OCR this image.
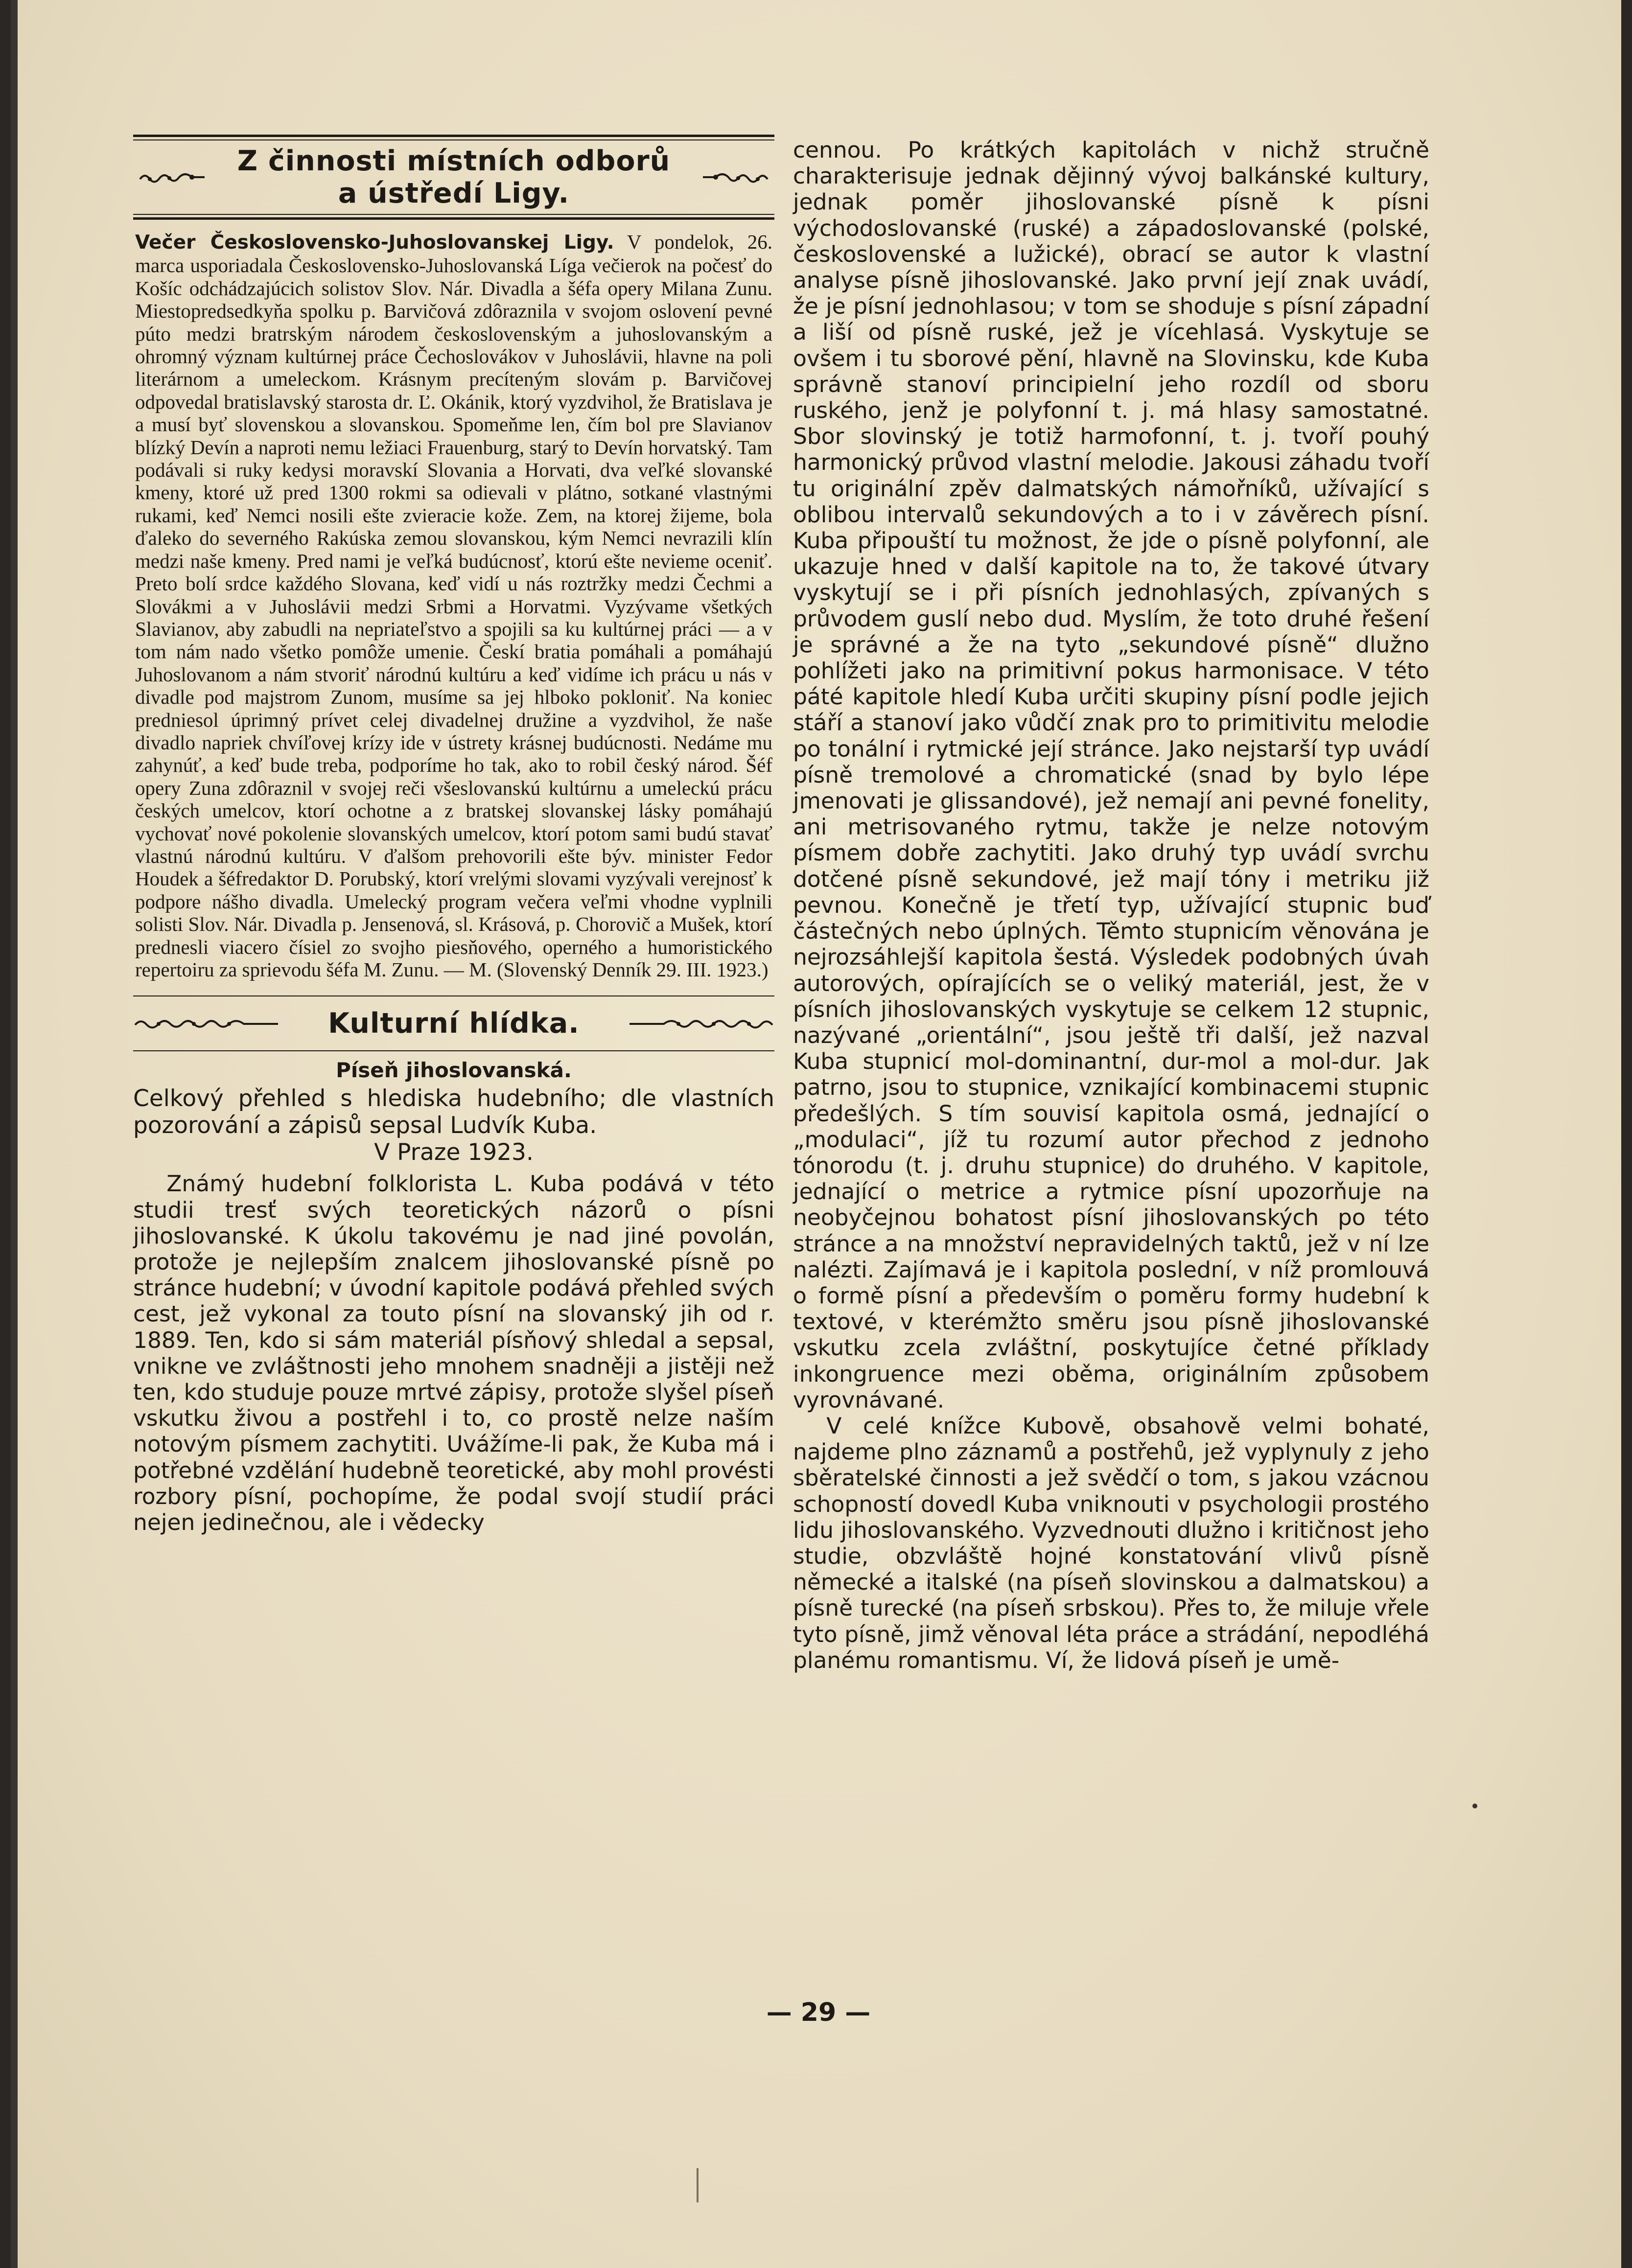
Z činnosti místních odborů
a ústředí Ligy.

Večer Československo-Juhoslovanskej Ligy. V pondelok, 26. marca usporiadala Československo-Juhoslovanská Líga večierok na počesť do Košíc odchádzajúcich solistov Slov. Nár. Divadla a šéfa opery Milana Zunu. Miestopredsedkyňa spolku p. Barvičová zdôraznila v svojom oslovení pevné púto medzi bratrským národem československým a juhoslovanským a ohromný význam kultúrnej práce Čechoslovákov v Juhoslávii, hlavne na poli literárnom a umeleckom. Krásnym precíteným slovám p. Barvičovej odpovedal bratislavský starosta dr. Ľ. Okánik, ktorý vyzdvihol, že Bratislava je a musí byť slovenskou a slovanskou. Spomeňme len, čím bol pre Slavianov blízký Devín a naproti nemu ležiaci Frauenburg, starý to Devín horvatský. Tam podávali si ruky kedysi moravskí Slovania a Horvati, dva veľké slovanské kmeny, ktoré už pred 1300 rokmi sa odievali v plátno, sotkané vlastnými rukami, keď Nemci nosili ešte zvieracie kože. Zem, na ktorej žijeme, bola ďaleko do severného Rakúska zemou slovanskou, kým Nemci nevrazili klín medzi naše kmeny. Pred nami je veľká budúcnosť, ktorú ešte nevieme oceniť. Preto bolí srdce každého Slovana, keď vidí u nás roztržky medzi Čechmi a Slovákmi a v Juhoslávii medzi Srbmi a Horvatmi. Vyzývame všetkých Slavianov, aby zabudli na nepriateľstvo a spojili sa ku kultúrnej práci — a v tom nám nado všetko pomôže umenie. Českí bratia pomáhali a pomáhajú Juhoslovanom a nám stvoriť národnú kultúru a keď vidíme ich prácu u nás v divadle pod majstrom Zunom, musíme sa jej hlboko pokloniť. Na koniec predniesol úprimný prívet celej divadelnej družine a vyzdvihol, že naše divadlo napriek chvíľovej krízy ide v ústrety krásnej budúcnosti. Nedáme mu zahynúť, a keď bude treba, podporíme ho tak, ako to robil český národ. Šéf opery Zuna zdôraznil v svojej reči všeslovanskú kultúrnu a umeleckú prácu českých umelcov, ktorí ochotne a z bratskej slovanskej lásky pomáhajú vychovať nové pokolenie slovanských umelcov, ktorí potom sami budú stavať vlastnú národnú kultúru. V ďalšom prehovorili ešte býv. minister Fedor Houdek a šéfredaktor D. Porubský, ktorí vrelými slovami vyzývali verejnosť k podpore nášho divadla. Umelecký program večera veľmi vhodne vyplnili solisti Slov. Nár. Divadla p. Jensenová, sl. Krásová, p. Chorovič a Mušek, ktorí prednesli viacero čísiel zo svojho piesňového, operného a humoristického repertoiru za sprievodu šéfa M. Zunu. — M. (Slovenský Denník 29. III. 1923.)

Kulturní hlídka.
Píseň jihoslovanská.

Celkový přehled s hlediska hudebního; dle vlastních pozorování a zápisů sepsal Ludvík Kuba.

V Praze 1923.

Známý hudební folklorista L. Kuba podává v této studii tresť svých teoretických názorů o písni jihoslovanské. K úkolu takovému je nad jiné povolán, protože je nejlepším znalcem jihoslovanské písně po stránce hudební; v úvodní kapitole podává přehled svých cest, jež vykonal za touto písní na slovanský jih od r. 1889. Ten, kdo si sám materiál písňový shledal a sepsal, vnikne ve zvláštnosti jeho mnohem snadněji a jistěji než ten, kdo studuje pouze mrtvé zápisy, protože slyšel píseň vskutku živou a postřehl i to, co prostě nelze naším notovým písmem zachytiti. Uvážíme-li pak, že Kuba má i potřebné vzdělání hudebně teoretické, aby mohl provésti rozbory písní, pochopíme, že podal svojí studií práci nejen jedinečnou, ale i vědecky

cennou. Po krátkých kapitolách v nichž stručně charakterisuje jednak dějinný vývoj balkánské kultury, jednak poměr jihoslovanské písně k písni východoslovanské (ruské) a západoslovanské (polské, československé a lužické), obrací se autor k vlastní analyse písně jihoslovanské. Jako první její znak uvádí, že je písní jednohlasou; v tom se shoduje s písní západní a liší od písně ruské, jež je vícehlasá. Vyskytuje se ovšem i tu sborové pění, hlavně na Slovinsku, kde Kuba správně stanoví principielní jeho rozdíl od sboru ruského, jenž je polyfonní t. j. má hlasy samostatné. Sbor slovinský je totiž harmofonní, t. j. tvoří pouhý harmonický průvod vlastní melodie. Jakousi záhadu tvoří tu originální zpěv dalmatských námořníků, užívající s oblibou intervalů sekundových a to i v závěrech písní. Kuba připouští tu možnost, že jde o písně polyfonní, ale ukazuje hned v další kapitole na to, že takové útvary vyskytují se i při písních jednohlasých, zpívaných s průvodem guslí nebo dud. Myslím, že toto druhé řešení je správné a že na tyto „sekundové písně“ dlužno pohlížeti jako na primitivní pokus harmonisace. V této páté kapitole hledí Kuba určiti skupiny písní podle jejich stáří a stanoví jako vůdčí znak pro to primitivitu melodie po tonální i rytmické její stránce. Jako nejstarší typ uvádí písně tremolové a chromatické (snad by bylo lépe jmenovati je glissandové), jež nemají ani pevné fonelity, ani metrisovaného rytmu, takže je nelze notovým písmem dobře zachytiti. Jako druhý typ uvádí svrchu dotčené písně sekundové, jež mají tóny i metriku již pevnou. Konečně je třetí typ, užívající stupnic buď částečných nebo úplných. Těmto stupnicím věnována je nejrozsáhlejší kapitola šestá. Výsledek podobných úvah autorových, opírajících se o veliký materiál, jest, že v písních jihoslovanských vyskytuje se celkem 12 stupnic, nazývané „orientální“, jsou ještě tři další, jež nazval Kuba stupnicí mol-dominantní, dur-mol a mol-dur. Jak patrno, jsou to stupnice, vznikající kombinacemi stupnic předešlých. S tím souvisí kapitola osmá, jednající o „modulaci“, jíž tu rozumí autor přechod z jednoho tónorodu (t. j. druhu stupnice) do druhého. V kapitole, jednající o metrice a rytmice písní upozorňuje na neobyčejnou bohatost písní jihoslovanských po této stránce a na množství nepravidelných taktů, jež v ní lze nalézti. Zajímavá je i kapitola poslední, v níž promlouvá o formě písní a především o poměru formy hudební k textové, v kterémžto směru jsou písně jihoslovanské vskutku zcela zvláštní, poskytujíce četné příklady inkongruence mezi oběma, originálním způsobem vyrovnávané.

V celé knížce Kubově, obsahově velmi bohaté, najdeme plno záznamů a postřehů, jež vyplynuly z jeho sběratelské činnosti a jež svědčí o tom, s jakou vzácnou schopností dovedl Kuba vniknouti v psychologii prostého lidu jihoslovanského. Vyzvednouti dlužno i kritičnost jeho studie, obzvláště hojné konstatování vlivů písně německé a italské (na píseň slovinskou a dalmatskou) a písně turecké (na píseň srbskou). Přes to, že miluje vřele tyto písně, jimž věnoval léta práce a strádání, nepodléhá planému romantismu. Ví, že lidová píseň je umě-

— 29 —
